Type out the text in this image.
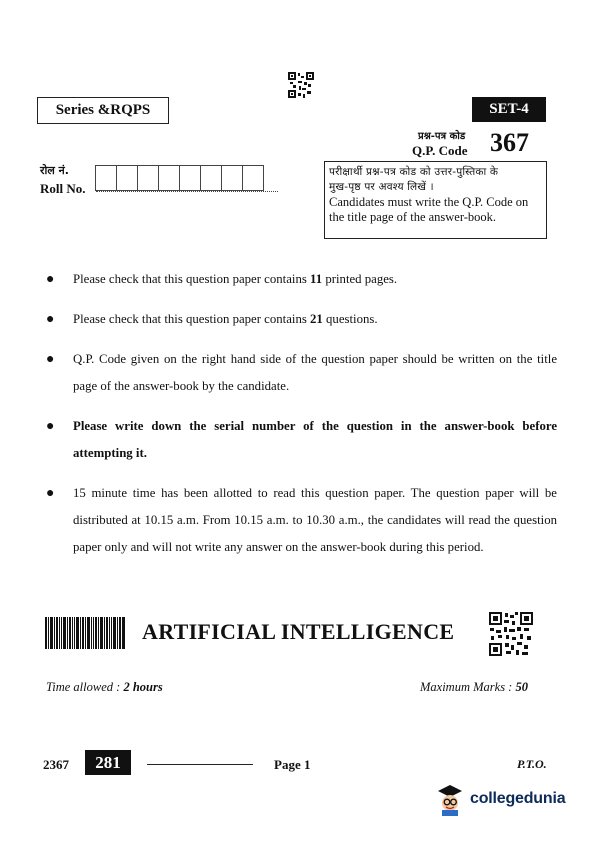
Series &RQPS	SET-4
प्रश्न-पत्र कोड
Q.P. Code 367
रोल नं.
Roll No.
परीक्षार्थी प्रश्न-पत्र कोड को उत्तर-पुस्तिका के
मुख-पृष्ठ पर अवश्य लिखें ।
Candidates must write the Q.P. Code on the title page of the answer-book.
● Please check that this question paper contains 11 printed pages.
● Please check that this question paper contains 21 questions.
● Q.P. Code given on the right hand side of the question paper should be written on the title page of the answer-book by the candidate.
● Please write down the serial number of the question in the answer-book before attempting it.
● 15 minute time has been allotted to read this question paper. The question paper will be distributed at 10.15 a.m. From 10.15 a.m. to 10.30 a.m., the candidates will read the question paper only and will not write any answer on the answer-book during this period.
ARTIFICIAL INTELLIGENCE
Time allowed : 2 hours	Maximum Marks : 50
2367	281	Page 1	P.T.O.
collegedunia
